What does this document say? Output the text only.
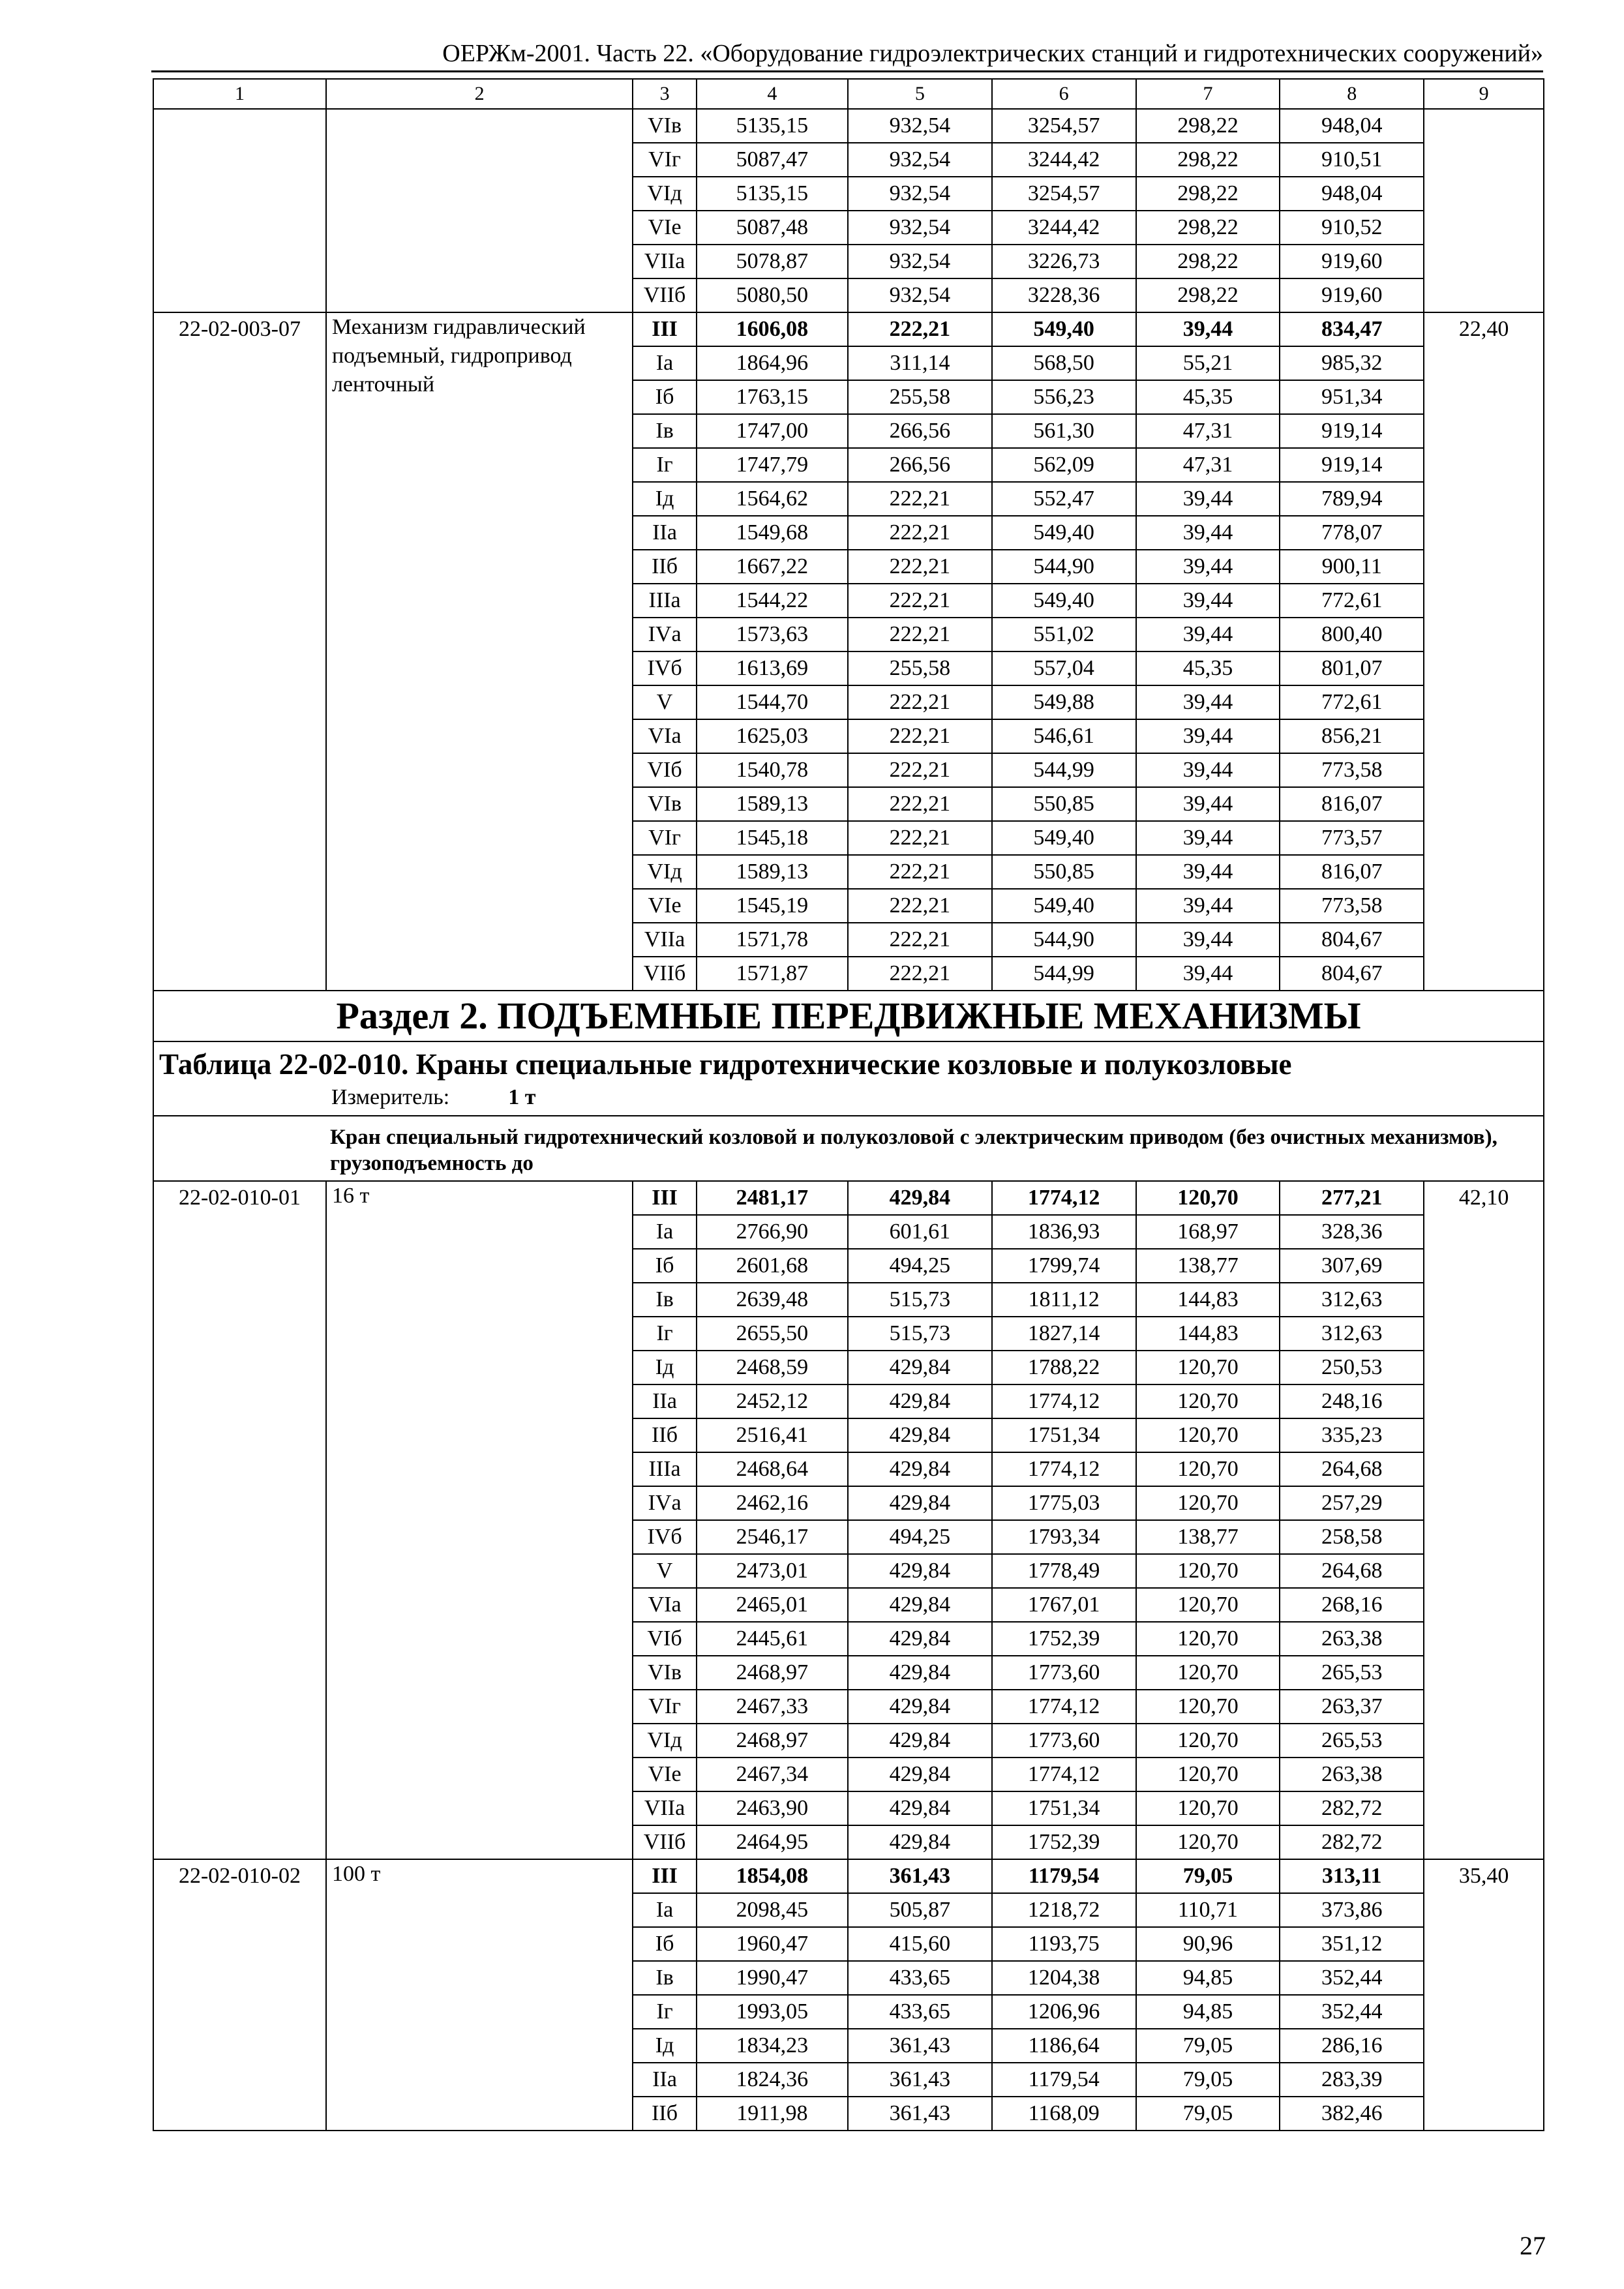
ОЕРЖм-2001. Часть 22. «Оборудование гидроэлектрических станций и гидротехнических сооружений»
1	2	3	4	5	6	7	8	9
		VIв	5135,15	932,54	3254,57	298,22	948,04	
		VIг	5087,47	932,54	3244,42	298,22	910,51	
		VIд	5135,15	932,54	3254,57	298,22	948,04	
		VIе	5087,48	932,54	3244,42	298,22	910,52	
		VIIа	5078,87	932,54	3226,73	298,22	919,60	
		VIIб	5080,50	932,54	3228,36	298,22	919,60	
22-02-003-07	Механизм гидравлический подъемный, гидропривод ленточный	III	1606,08	222,21	549,40	39,44	834,47	22,40
		Iа	1864,96	311,14	568,50	55,21	985,32	
		Iб	1763,15	255,58	556,23	45,35	951,34	
		Iв	1747,00	266,56	561,30	47,31	919,14	
		Iг	1747,79	266,56	562,09	47,31	919,14	
		Iд	1564,62	222,21	552,47	39,44	789,94	
		IIа	1549,68	222,21	549,40	39,44	778,07	
		IIб	1667,22	222,21	544,90	39,44	900,11	
		IIIа	1544,22	222,21	549,40	39,44	772,61	
		IVа	1573,63	222,21	551,02	39,44	800,40	
		IVб	1613,69	255,58	557,04	45,35	801,07	
		V	1544,70	222,21	549,88	39,44	772,61	
		VIа	1625,03	222,21	546,61	39,44	856,21	
		VIб	1540,78	222,21	544,99	39,44	773,58	
		VIв	1589,13	222,21	550,85	39,44	816,07	
		VIг	1545,18	222,21	549,40	39,44	773,57	
		VIд	1589,13	222,21	550,85	39,44	816,07	
		VIе	1545,19	222,21	549,40	39,44	773,58	
		VIIа	1571,78	222,21	544,90	39,44	804,67	
		VIIб	1571,87	222,21	544,99	39,44	804,67	
Раздел 2. ПОДЪЕМНЫЕ ПЕРЕДВИЖНЫЕ МЕХАНИЗМЫ								

Таблица 22-02-010. Краны специальные гидротехнические козловые и полукозловые
Измеритель: 1 т								

Кран специальный гидротехнический козловой и полукозловой с электрическим приводом (без очистных механизмов), грузоподъемность до								
22-02-010-01	16 т	III	2481,17	429,84	1774,12	120,70	277,21	42,10
		Iа	2766,90	601,61	1836,93	168,97	328,36	
		Iб	2601,68	494,25	1799,74	138,77	307,69	
		Iв	2639,48	515,73	1811,12	144,83	312,63	
		Iг	2655,50	515,73	1827,14	144,83	312,63	
		Iд	2468,59	429,84	1788,22	120,70	250,53	
		IIа	2452,12	429,84	1774,12	120,70	248,16	
		IIб	2516,41	429,84	1751,34	120,70	335,23	
		IIIа	2468,64	429,84	1774,12	120,70	264,68	
		IVа	2462,16	429,84	1775,03	120,70	257,29	
		IVб	2546,17	494,25	1793,34	138,77	258,58	
		V	2473,01	429,84	1778,49	120,70	264,68	
		VIа	2465,01	429,84	1767,01	120,70	268,16	
		VIб	2445,61	429,84	1752,39	120,70	263,38	
		VIв	2468,97	429,84	1773,60	120,70	265,53	
		VIг	2467,33	429,84	1774,12	120,70	263,37	
		VIд	2468,97	429,84	1773,60	120,70	265,53	
		VIе	2467,34	429,84	1774,12	120,70	263,38	
		VIIа	2463,90	429,84	1751,34	120,70	282,72	
		VIIб	2464,95	429,84	1752,39	120,70	282,72	
22-02-010-02	100 т	III	1854,08	361,43	1179,54	79,05	313,11	35,40
		Iа	2098,45	505,87	1218,72	110,71	373,86	
		Iб	1960,47	415,60	1193,75	90,96	351,12	
		Iв	1990,47	433,65	1204,38	94,85	352,44	
		Iг	1993,05	433,65	1206,96	94,85	352,44	
		Iд	1834,23	361,43	1186,64	79,05	286,16	
		IIа	1824,36	361,43	1179,54	79,05	283,39	
		IIб	1911,98	361,43	1168,09	79,05	382,46	
27
